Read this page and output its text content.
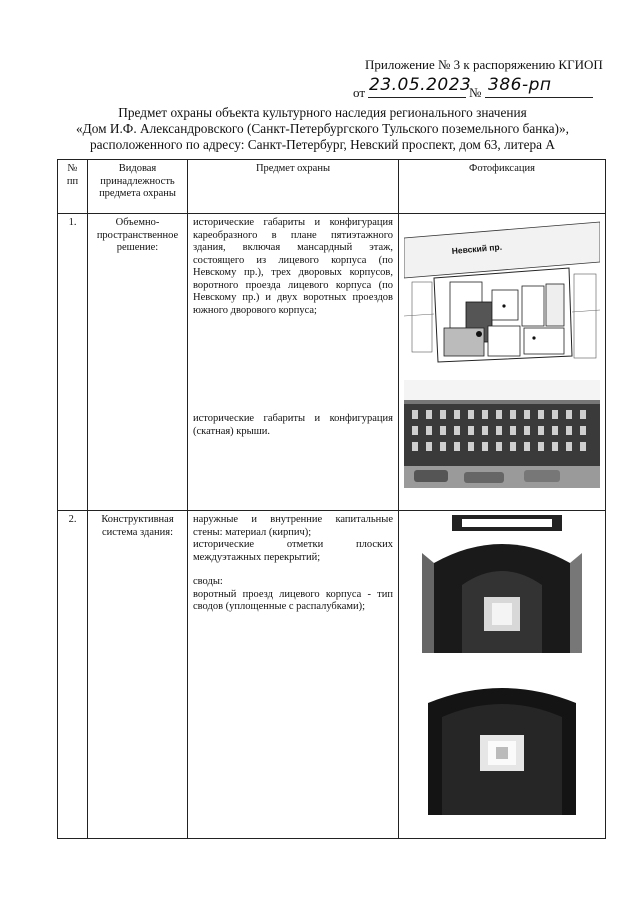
Приложение № 3 к распоряжению КГИОП
от 23.05.2023
№ 386-рп
Предмет охраны объекта культурного наследия регионального значения
«Дом И.Ф. Александровского (Санкт-Петербургского Тульского поземельного банка)»,
расположенного по адресу: Санкт-Петербург, Невский проспект, дом 63, литера А
№ пп	Видовая принадлежность предмета охраны	Предмет охраны	Фотофиксация
1.	Объемно-пространственное решение:	исторические габариты и конфигурация кареобразного в плане пятиэтажного здания, включая мансардный этаж, состоящего из лицевого корпуса (по Невскому пр.), трех дворовых корпусов, воротного проезда лицевого корпуса (по Невскому пр.) и двух воротных проездов южного дворового корпуса;

исторические габариты и конфигурация (скатная) крыши.	Невский пр.

2.	Конструктивная система здания:	наружные и внутренние капитальные стены: материал (кирпич);

исторические отметки плоских междуэтажных перекрытий;

своды:

воротный проезд лицевого корпуса - тип сводов (уплощенные с распалубками);
